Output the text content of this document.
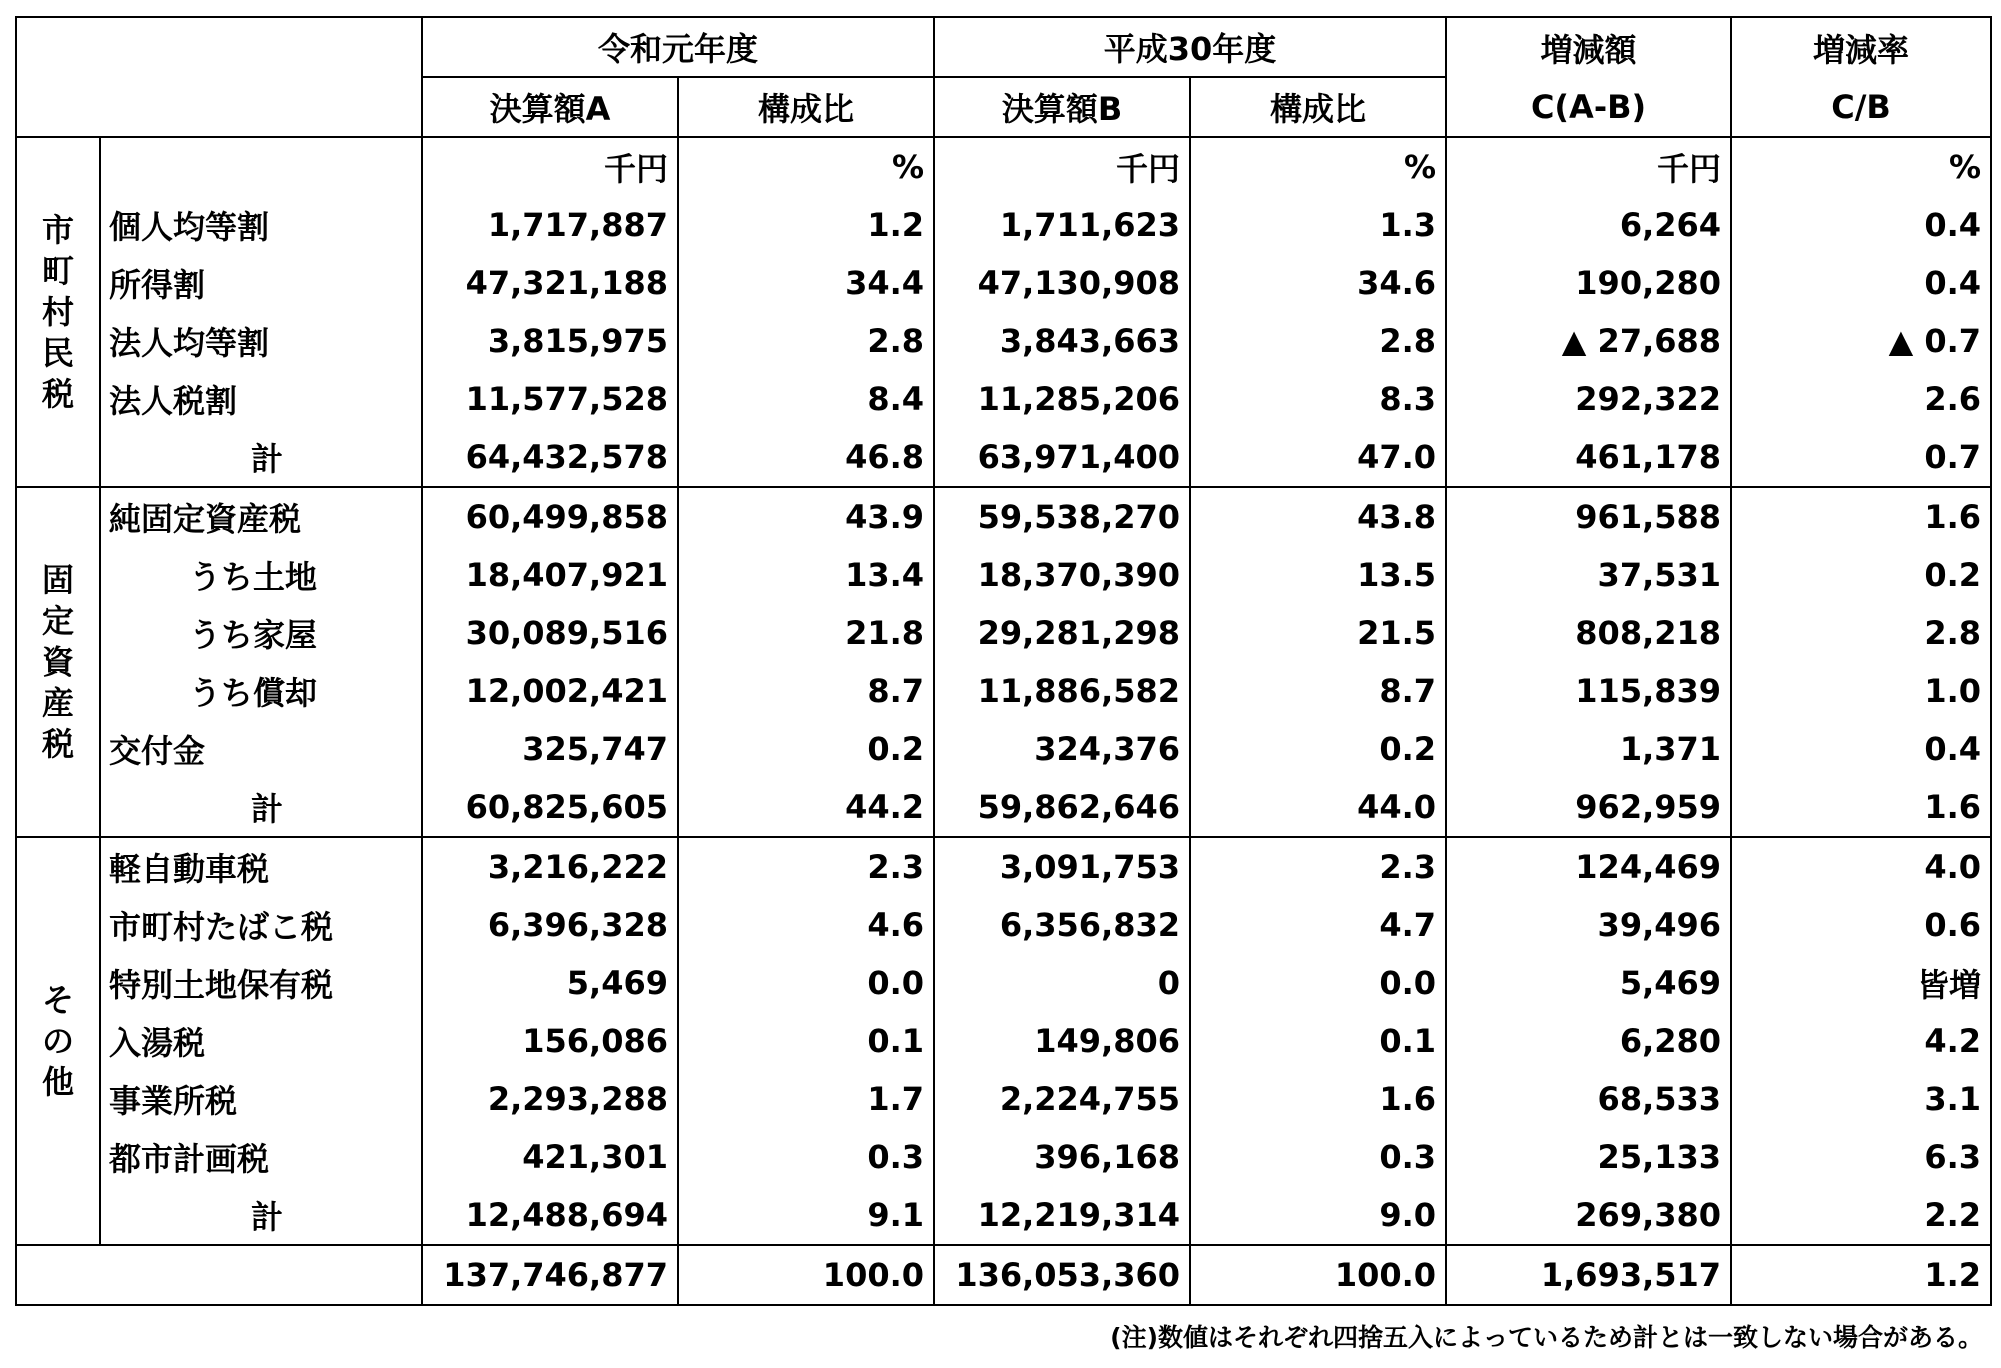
		令和元年度		平成30年度		増減額	増減率
		決算額A	構成比	決算額B	構成比	C(A-B)	C/B

市
町
村
民
税		千円	%	千円	%	千円	%
	個人均等割	1,717,887	1.2	1,711,623	1.3	6,264	0.4
	所得割	47,321,188	34.4	47,130,908	34.6	190,280	0.4
	法人均等割	3,815,975	2.8	3,843,663	2.8	▲ 27,688	▲ 0.7
	法人税割	11,577,528	8.4	11,285,206	8.3	292,322	2.6
	計	64,432,578	46.8	63,971,400	47.0	461,178	0.7

固
定
資
産
税	純固定資産税	60,499,858	43.9	59,538,270	43.8	961,588	1.6
	うち土地	18,407,921	13.4	18,370,390	13.5	37,531	0.2
	うち家屋	30,089,516	21.8	29,281,298	21.5	808,218	2.8
	うち償却	12,002,421	8.7	11,886,582	8.7	115,839	1.0
	交付金	325,747	0.2	324,376	0.2	1,371	0.4
	計	60,825,605	44.2	59,862,646	44.0	962,959	1.6

そ
の
他	軽自動車税	3,216,222	2.3	3,091,753	2.3	124,469	4.0
	市町村たばこ税	6,396,328	4.6	6,356,832	4.7	39,496	0.6
	特別土地保有税	5,469	0.0	0	0.0	5,469	皆増
	入湯税	156,086	0.1	149,806	0.1	6,280	4.2
	事業所税	2,293,288	1.7	2,224,755	1.6	68,533	3.1
	都市計画税	421,301	0.3	396,168	0.3	25,133	6.3
	計	12,488,694	9.1	12,219,314	9.0	269,380	2.2
		137,746,877	100.0	136,053,360	100.0	1,693,517	1.2
(注)数値はそれぞれ四捨五入によっているため計とは一致しない場合がある。
